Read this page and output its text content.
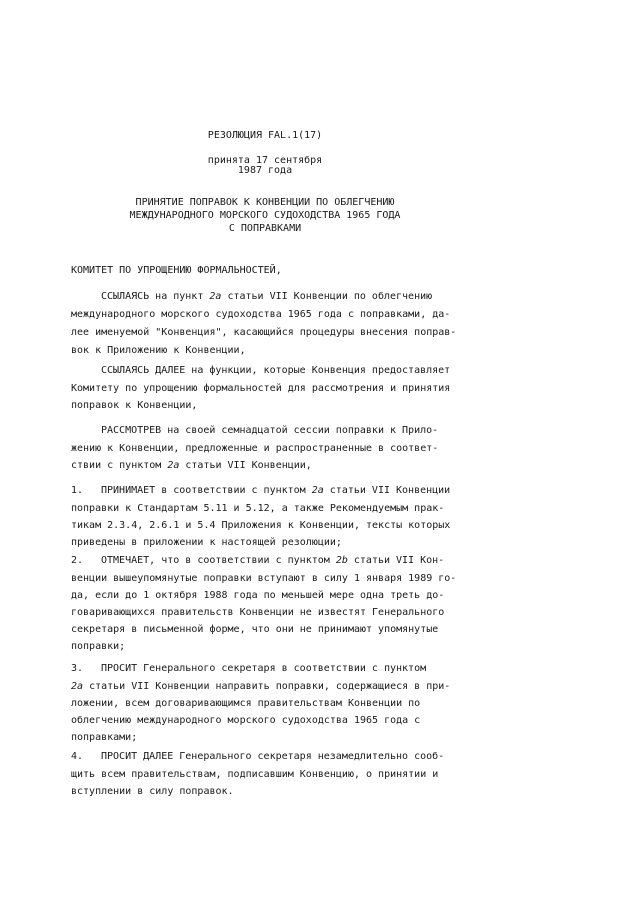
РЕЗОЛЮЦИЯ FAL.1(17)
принята 17 сентября
1987 года
ПРИНЯТИЕ ПОПРАВОК К КОНВЕНЦИИ ПО ОБЛЕГЧЕНИЮ
МЕЖДУНАРОДНОГО МОРСКОГО СУДОХОДСТВА 1965 ГОДА
С ПОПРАВКАМИ
КОМИТЕТ ПО УПРОЩЕНИЮ ФОРМАЛЬНОСТЕЙ,
ССЫЛАЯСЬ на пункт 2a статьи VII Конвенции по облегчению
международного морского судоходства 1965 года с поправками, да-
лее именуемой "Конвенция", касающийся процедуры внесения поправ-
вок к Приложению к Конвенции,
ССЫЛАЯСЬ ДАЛЕЕ на функции, которые Конвенция предоставляет
Комитету по упрощению формальностей для рассмотрения и принятия
поправок к Конвенции,
РАССМОТРЕВ на своей семнадцатой сессии поправки к Прило-
жению к Конвенции, предложенные и распространенные в соответ-
ствии с пунктом 2a статьи VII Конвенции,
1. ПРИНИМАЕТ в соответствии с пунктом 2a статьи VII Конвенции
поправки к Стандартам 5.11 и 5.12, а также Рекомендуемым прак-
тикам 2.3.4, 2.6.1 и 5.4 Приложения к Конвенции, тексты которых
приведены в приложении к настоящей резолюции;
2. ОТМЕЧАЕТ, что в соответствии с пунктом 2b статьи VII Кон-
венции вышеупомянутые поправки вступают в силу 1 января 1989 го-
да, если до 1 октября 1988 года по меньшей мере одна треть до-
говаривающихся правительств Конвенции не известят Генерального
секретаря в письменной форме, что они не принимают упомянутые
поправки;
3. ПРОСИТ Генерального секретаря в соответствии с пунктом
2a статьи VII Конвенции направить поправки, содержащиеся в при-
ложении, всем договаривающимся правительствам Конвенции по
облегчению международного морского судоходства 1965 года с
поправками;
4. ПРОСИТ ДАЛЕЕ Генерального секретаря незамедлительно сооб-
щить всем правительствам, подписавшим Конвенцию, о принятии и
вступлении в силу поправок.
